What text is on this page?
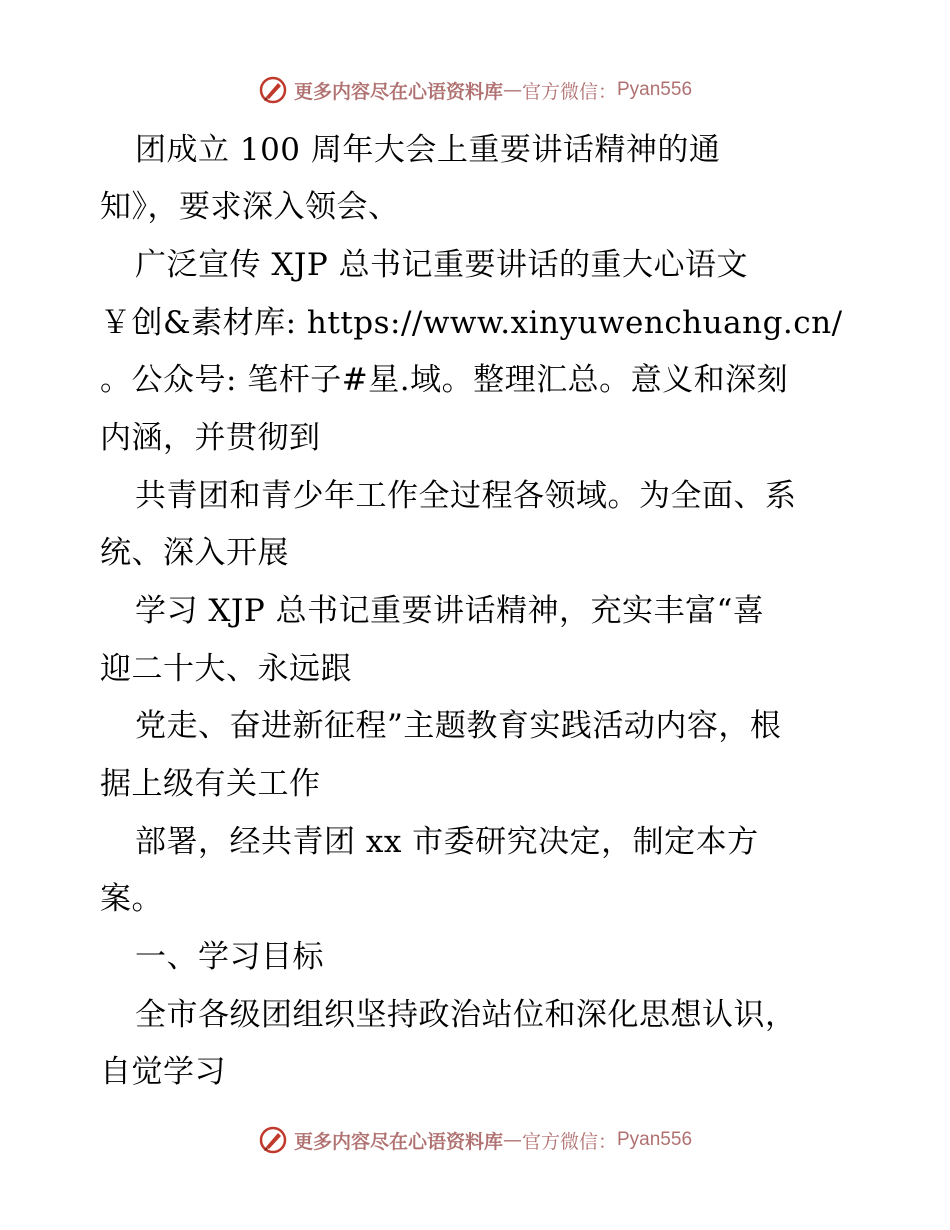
更多内容尽在心语资料库 — 官方微信： Pyan556
团成立 100 周年大会上重要讲话精神的通
知》，要求深入领会、
广泛宣传 XJP 总书记重要讲话的重大心语文
￥创&素材库: https://www.xinyuwenchuang.cn/
。公众号: 笔杆子#星.域。整理汇总。意义和深刻
内涵，并贯彻到
共青团和青少年工作全过程各领域。为全面、系
统、深入开展
学习 XJP 总书记重要讲话精神，充实丰富“喜
迎二十大、永远跟
党走、奋进新征程”主题教育实践活动内容，根
据上级有关工作
部署，经共青团 xx 市委研究决定，制定本方
案。
一、学习目标
全市各级团组织坚持政治站位和深化思想认识，
自觉学习
更多内容尽在心语资料库 — 官方微信： Pyan556
